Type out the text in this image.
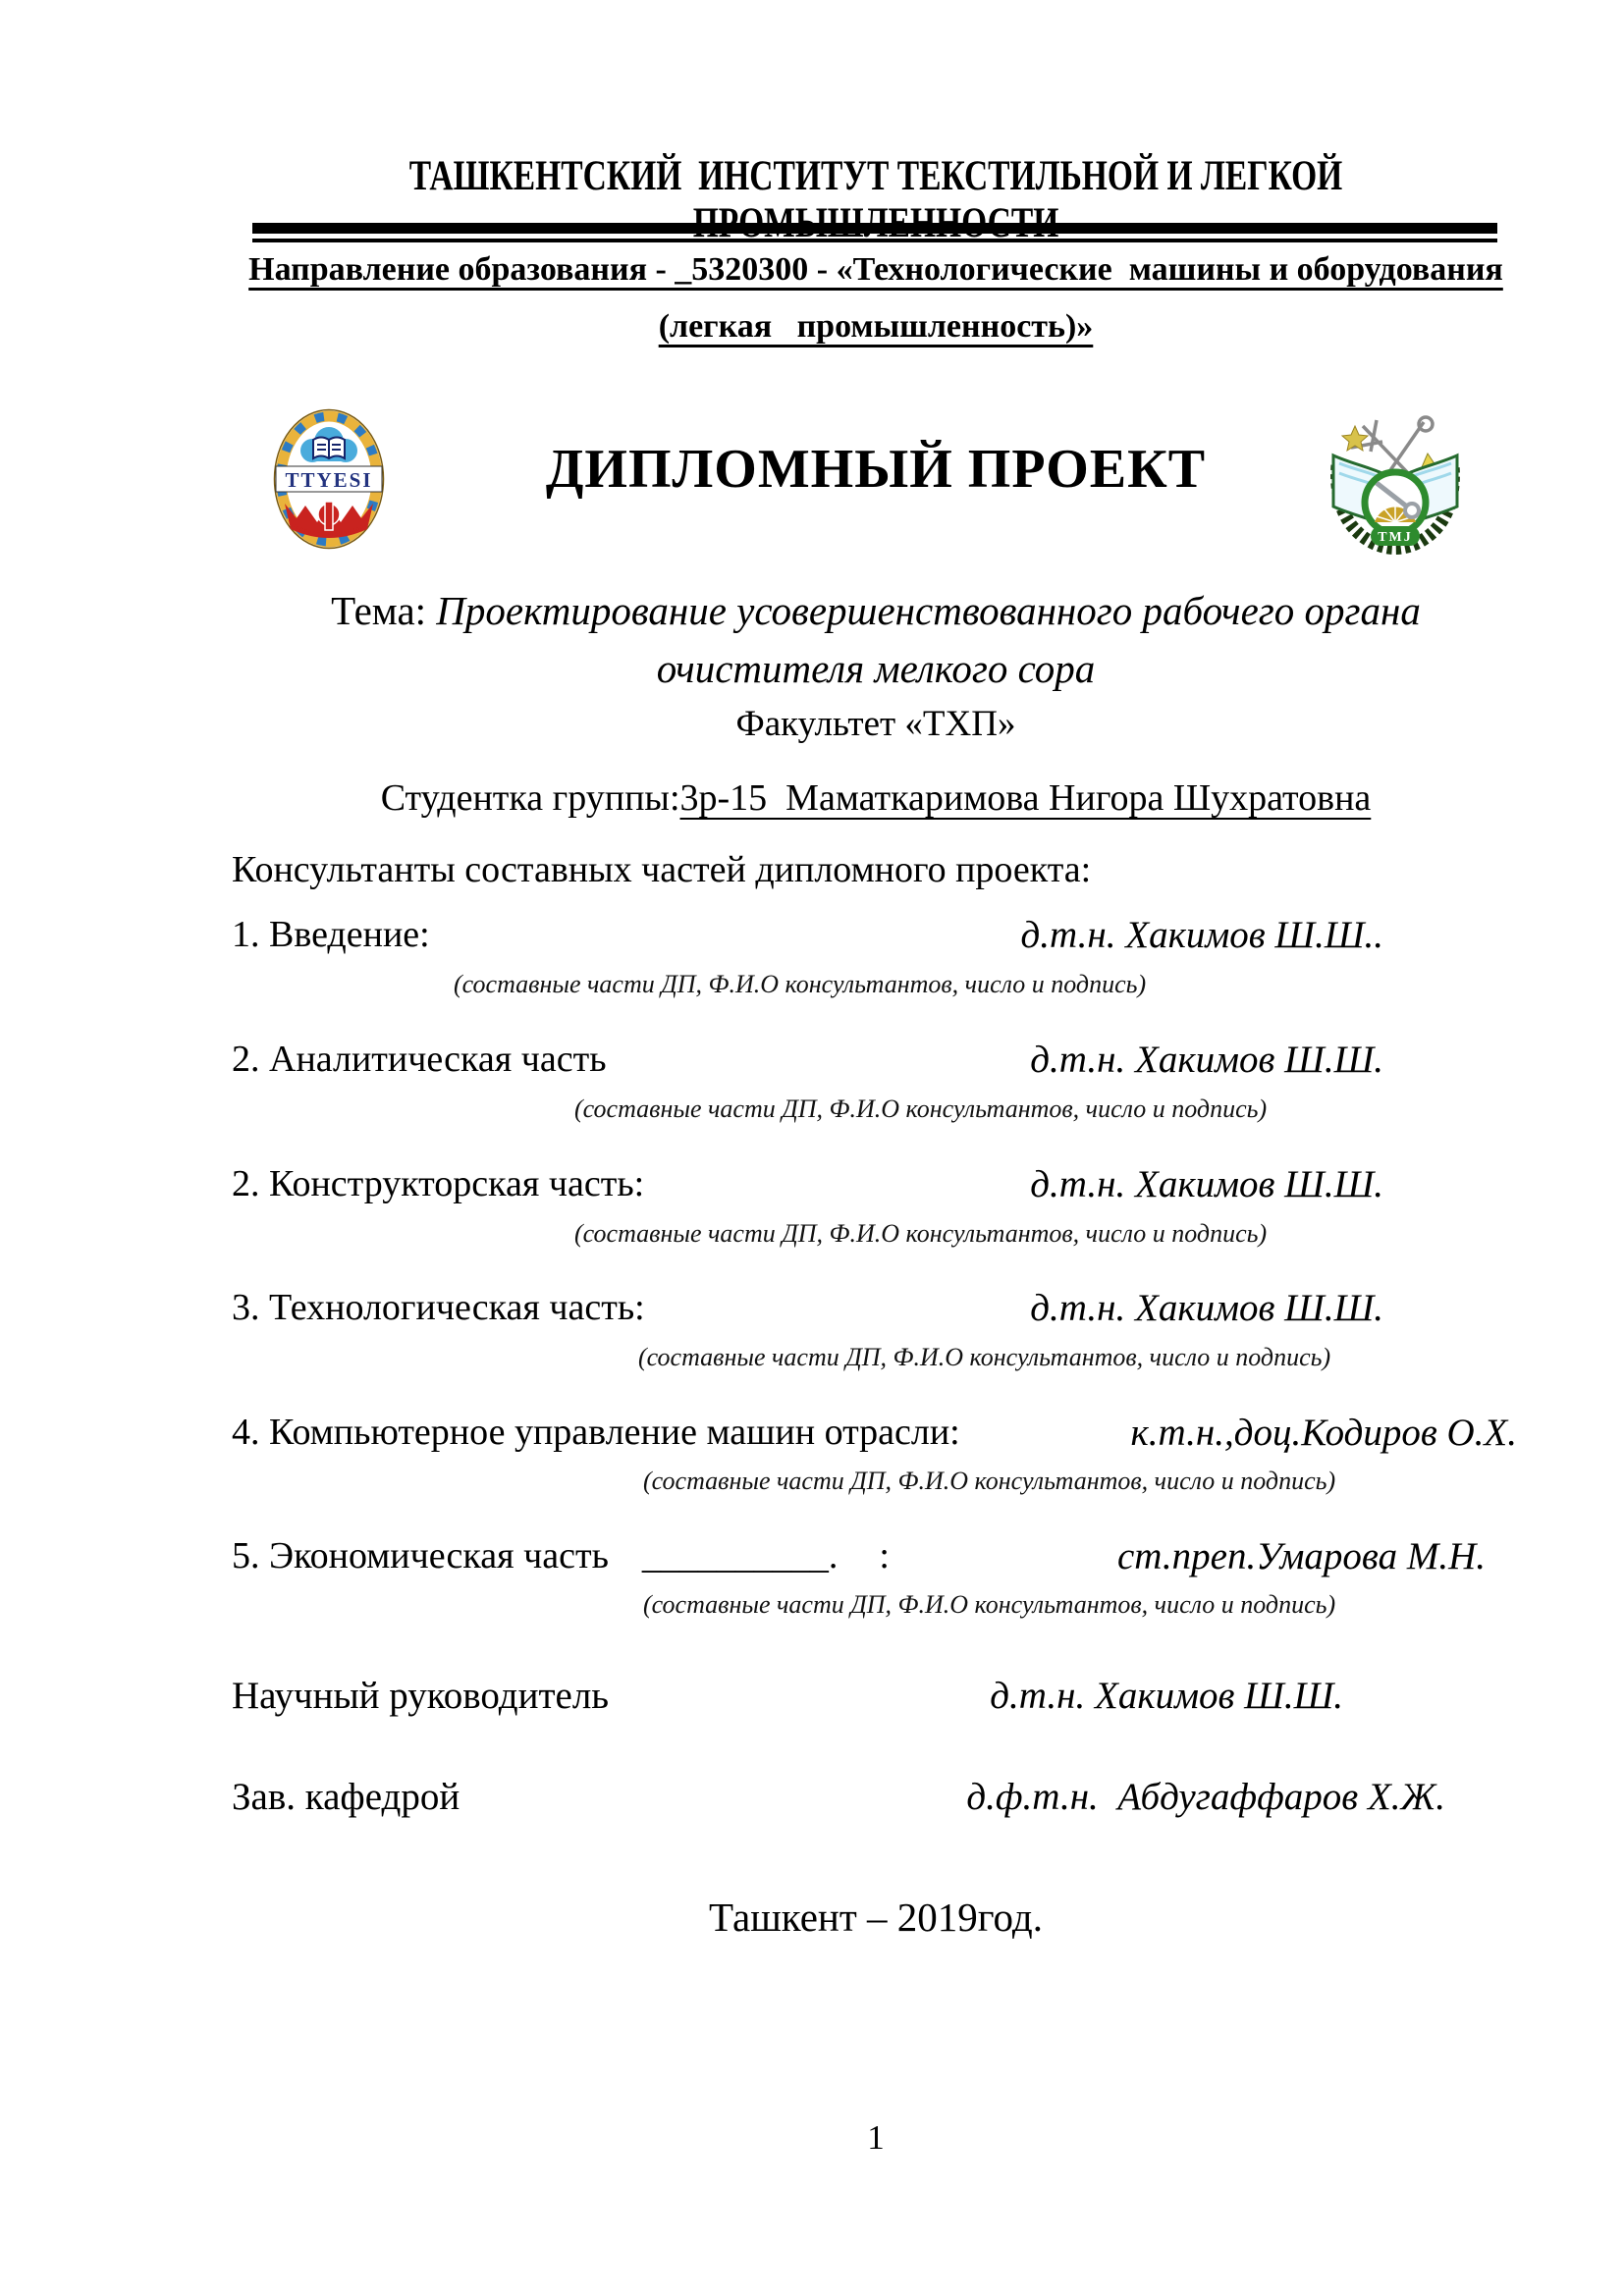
ТАШКЕНТСКИЙ  ИНСТИТУТ ТЕКСТИЛЬНОЙ И ЛЕГКОЙ ПРОМЫШЛЕННОСТИ
Направление образования - _5320300 - «Технологические  машины и оборудования
(легкая   промышленность)»
TTYESI
TMJ
ДИПЛОМНЫЙ ПРОЕКТ
Тема: Проектирование усовершенствованного рабочего органа
очистителя мелкого сора
Факультет «ТХП»
Студентка группы:3р-15  Маматкаримова Нигора Шухратовна
Консультанты составных частей дипломного проекта:
1. Введение:	д.т.н. Хакимов Ш.Ш..
(составные части ДП, Ф.И.О консультантов, число и подпись)
2. Аналитическая часть	д.т.н. Хакимов Ш.Ш.
(составные части ДП, Ф.И.О консультантов, число и подпись)
2. Конструкторская часть:	д.т.н. Хакимов Ш.Ш.
(составные части ДП, Ф.И.О консультантов, число и подпись)
3. Технологическая часть:	д.т.н. Хакимов Ш.Ш.
(составные части ДП, Ф.И.О консультантов, число и подпись)
4. Компьютерное управление машин отрасли:	к.т.н.,доц.Кодиров О.Х.
(составные части ДП, Ф.И.О консультантов, число и подпись)
5. Экономическая часть __________. :	ст.преп.Умарова М.Н.
(составные части ДП, Ф.И.О консультантов, число и подпись)
Научный руководитель	д.т.н. Хакимов Ш.Ш.
Зав. кафедрой	д.ф.т.н.  Абдугаффаров Х.Ж.
Ташкент – 2019год.
1
